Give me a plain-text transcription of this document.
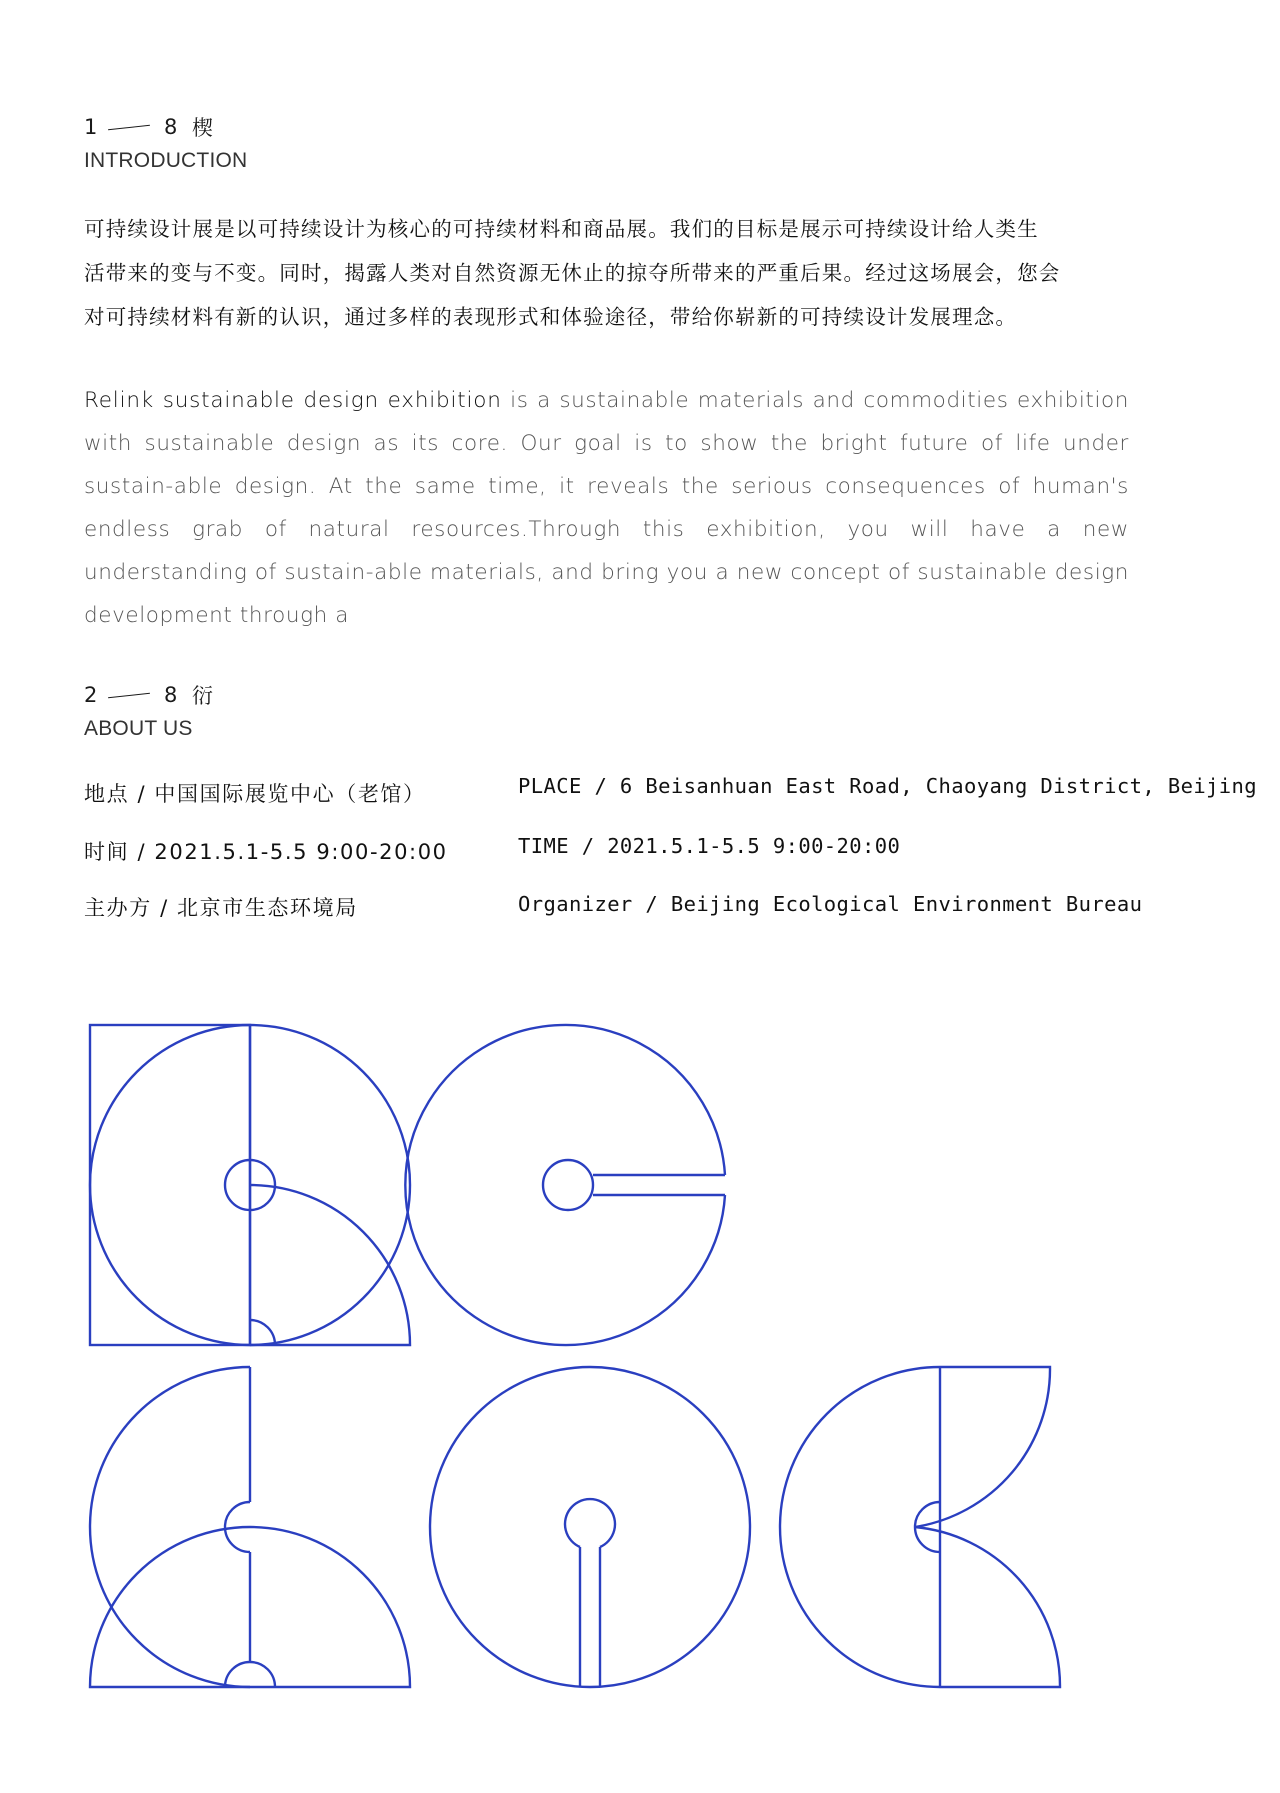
1	8 楔
INTRODUCTION
可持续设计展是以可持续设计为核心的可持续材料和商品展。我们的目标是展示可持续设计给人类生
活带来的变与不变。同时，揭露人类对自然资源无休止的掠夺所带来的严重后果。经过这场展会，您会
对可持续材料有新的认识，通过多样的表现形式和体验途径，带给你崭新的可持续设计发展理念。
Relink sustainable design exhibition is a sustainable materials and commodities exhibition with sustainable design as its core. Our goal is to show the bright future of life under sustain-able design. At the same time, it reveals the serious consequences of human's endless grab of natural resources.Through this exhibition, you will have a new understanding of sustain-able materials, and bring you a new concept of sustainable design development through a
2	8 衍
ABOUT US
地点 / 中国国际展览中心（老馆）	PLACE / 6 Beisanhuan East Road, Chaoyang District, Beijing
时间 / 2021.5.1-5.5 9:00-20:00	TIME / 2021.5.1-5.5 9:00-20:00
主办方 / 北京市生态环境局	Organizer / Beijing Ecological Environment Bureau
